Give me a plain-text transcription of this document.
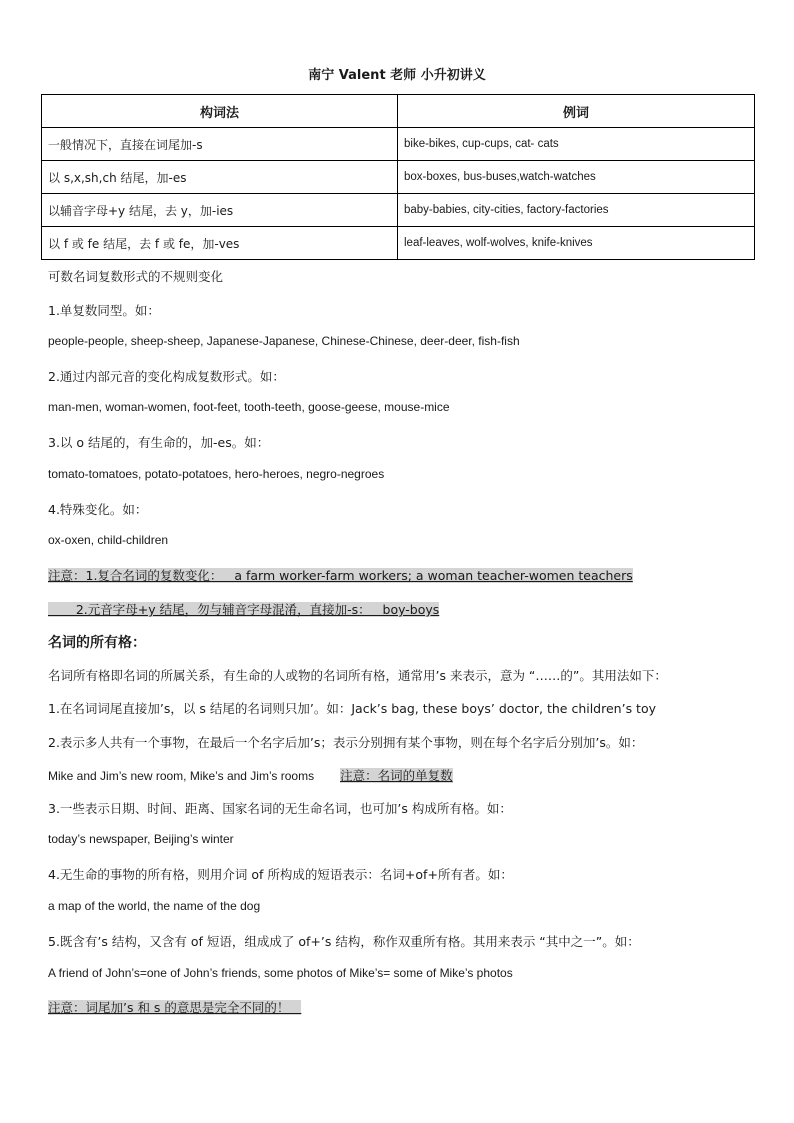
南宁 Valent 老师 小升初讲义
构词法	例词
一般情况下，直接在词尾加-s	bike-bikes, cup-cups, cat- cats
以 s,x,sh,ch 结尾，加-es	box-boxes, bus-buses,watch-watches
以辅音字母+y 结尾，去 y，加-ies	baby-babies, city-cities, factory-factories
以 f 或 fe 结尾，去 f 或 fe，加-ves	leaf-leaves, wolf-wolves, knife-knives
可数名词复数形式的不规则变化
1.单复数同型。如：
people-people, sheep-sheep, Japanese-Japanese, Chinese-Chinese, deer-deer, fish-fish
2.通过内部元音的变化构成复数形式。如：
man-men, woman-women, foot-feet, tooth-teeth, goose-geese, mouse-mice
3.以 o 结尾的，有生命的，加-es。如：
tomato-tomatoes, potato-potatoes, hero-heroes, negro-negroes
4.特殊变化。如：
ox-oxen, child-children
注意：1.复合名词的复数变化：   a farm worker-farm workers; a woman teacher-women teachers
2.元音字母+y 结尾，勿与辅音字母混淆，直接加-s：   boy-boys
名词的所有格：
名词所有格即名词的所属关系，有生命的人或物的名词所有格，通常用’s 来表示，意为 “……的”。其用法如下：
1.在名词词尾直接加’s，以 s 结尾的名词则只加’。如：Jack’s bag, these boys’ doctor, the children’s toy
2.表示多人共有一个事物，在最后一个名字后加’s；表示分别拥有某个事物，则在每个名字后分别加’s。如：
Mike and Jim’s new room, Mike’s and Jim’s rooms 注意：名词的单复数
3.一些表示日期、时间、距离、国家名词的无生命名词，也可加’s 构成所有格。如：
today’s newspaper, Beijing’s winter
4.无生命的事物的所有格，则用介词 of 所构成的短语表示：名词+of+所有者。如：
a map of the world, the name of the dog
5.既含有’s 结构，又含有 of 短语，组成成了 of+’s 结构，称作双重所有格。其用来表示 “其中之一”。如：
A friend of John’s=one of John’s friends, some photos of Mike’s= some of Mike’s photos
注意：词尾加’s 和 s 的意思是完全不同的！
